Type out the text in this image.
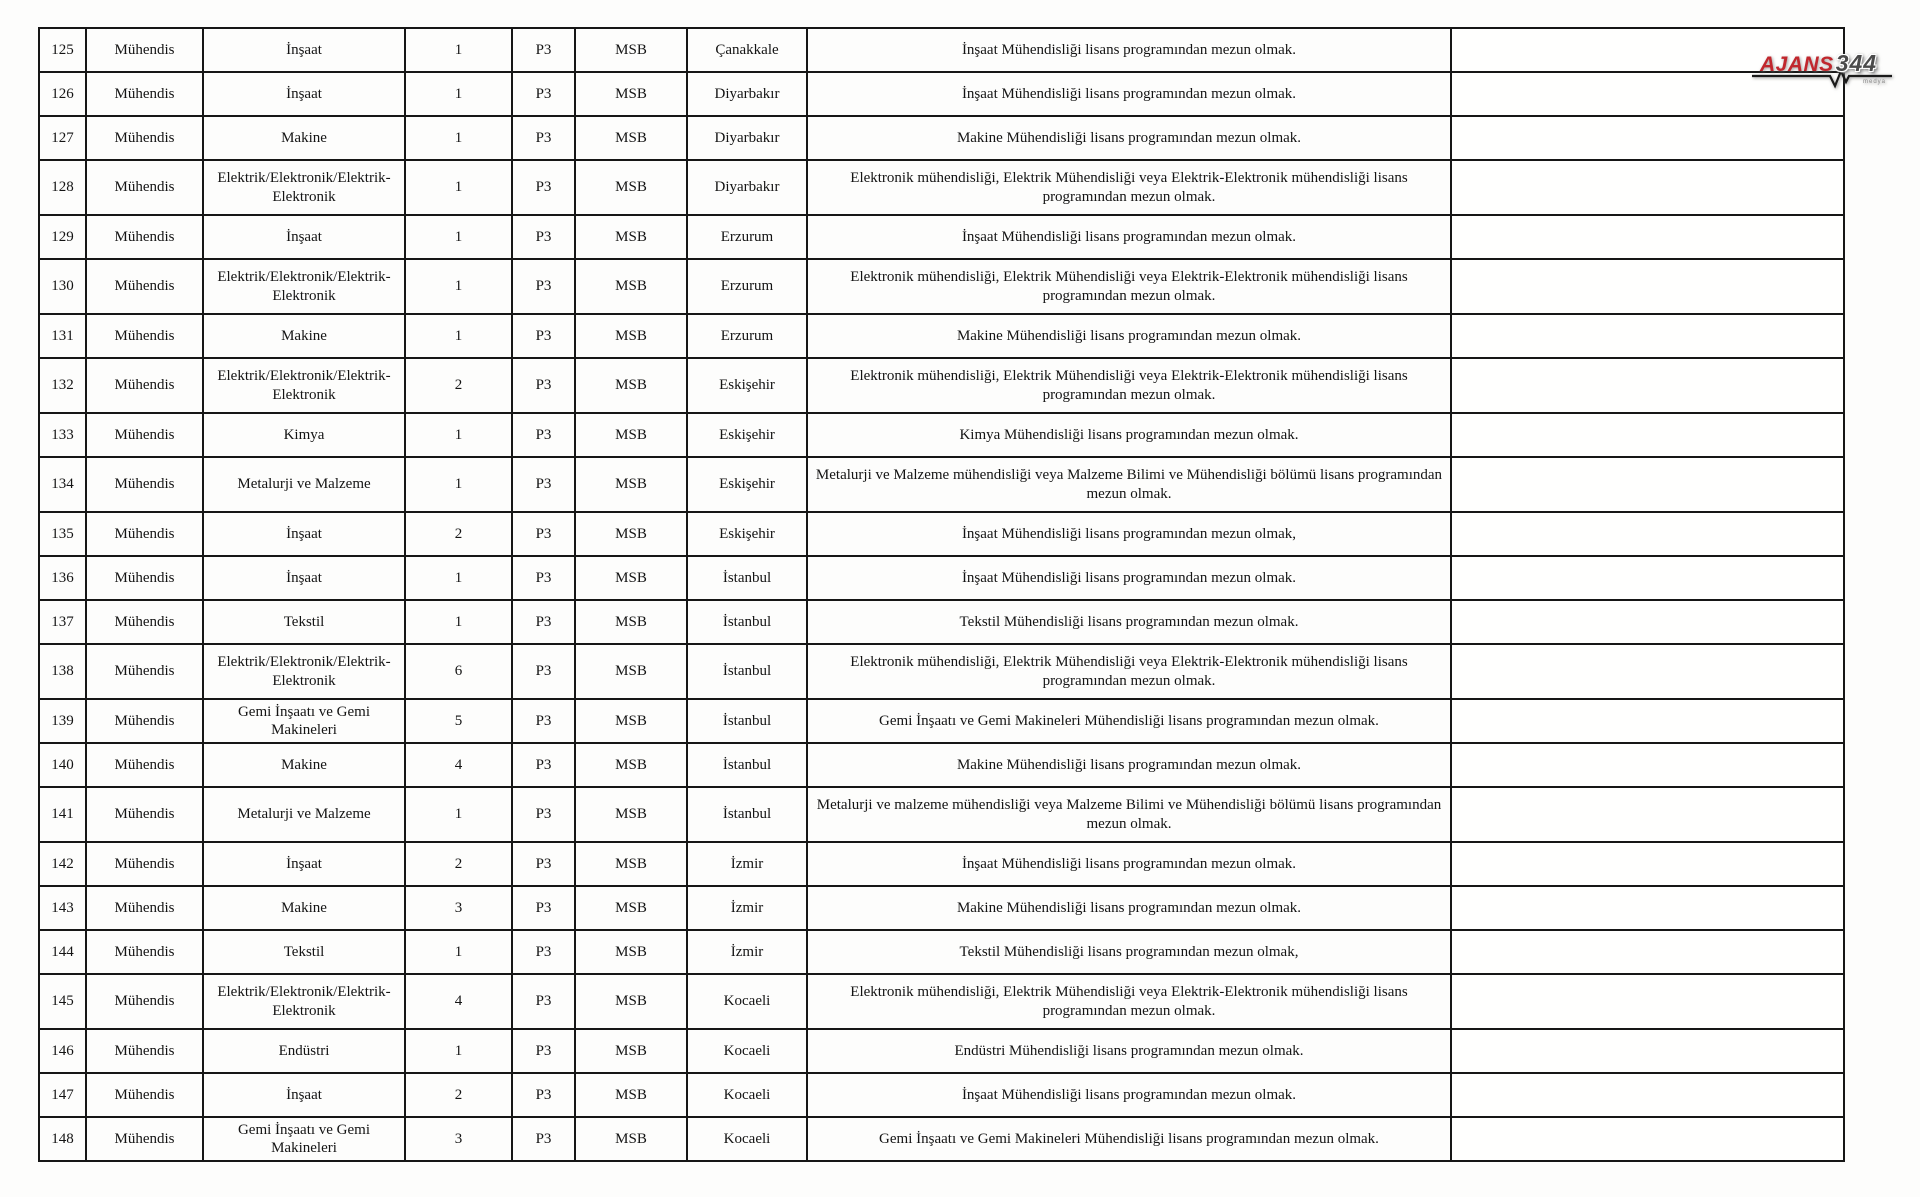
125	Mühendis	İnşaat	1	P3	MSB	Çanakkale	İnşaat Mühendisliği lisans programından mezun olmak.	
126	Mühendis	İnşaat	1	P3	MSB	Diyarbakır	İnşaat Mühendisliği lisans programından mezun olmak.	
127	Mühendis	Makine	1	P3	MSB	Diyarbakır	Makine Mühendisliği lisans programından mezun olmak.	
128	Mühendis	Elektrik/Elektronik/Elektrik-Elektronik	1	P3	MSB	Diyarbakır	Elektronik mühendisliği, Elektrik Mühendisliği veya Elektrik-Elektronik mühendisliği lisans programından mezun olmak.	
129	Mühendis	İnşaat	1	P3	MSB	Erzurum	İnşaat Mühendisliği lisans programından mezun olmak.	
130	Mühendis	Elektrik/Elektronik/Elektrik-Elektronik	1	P3	MSB	Erzurum	Elektronik mühendisliği, Elektrik Mühendisliği veya Elektrik-Elektronik mühendisliği lisans programından mezun olmak.	
131	Mühendis	Makine	1	P3	MSB	Erzurum	Makine Mühendisliği lisans programından mezun olmak.	
132	Mühendis	Elektrik/Elektronik/Elektrik-Elektronik	2	P3	MSB	Eskişehir	Elektronik mühendisliği, Elektrik Mühendisliği veya Elektrik-Elektronik mühendisliği lisans programından mezun olmak.	
133	Mühendis	Kimya	1	P3	MSB	Eskişehir	Kimya Mühendisliği lisans programından mezun olmak.	
134	Mühendis	Metalurji ve Malzeme	1	P3	MSB	Eskişehir	Metalurji ve Malzeme mühendisliği veya Malzeme Bilimi ve Mühendisliği bölümü lisans programından mezun olmak.	
135	Mühendis	İnşaat	2	P3	MSB	Eskişehir	İnşaat Mühendisliği lisans programından mezun olmak,	
136	Mühendis	İnşaat	1	P3	MSB	İstanbul	İnşaat Mühendisliği lisans programından mezun olmak.	
137	Mühendis	Tekstil	1	P3	MSB	İstanbul	Tekstil Mühendisliği lisans programından mezun olmak.	
138	Mühendis	Elektrik/Elektronik/Elektrik-Elektronik	6	P3	MSB	İstanbul	Elektronik mühendisliği, Elektrik Mühendisliği veya Elektrik-Elektronik mühendisliği lisans programından mezun olmak.	
139	Mühendis	Gemi İnşaatı ve Gemi Makineleri	5	P3	MSB	İstanbul	Gemi İnşaatı ve Gemi Makineleri Mühendisliği lisans programından mezun olmak.	
140	Mühendis	Makine	4	P3	MSB	İstanbul	Makine Mühendisliği lisans programından mezun olmak.	
141	Mühendis	Metalurji ve Malzeme	1	P3	MSB	İstanbul	Metalurji ve malzeme mühendisliği veya Malzeme Bilimi ve Mühendisliği bölümü lisans programından mezun olmak.	
142	Mühendis	İnşaat	2	P3	MSB	İzmir	İnşaat Mühendisliği lisans programından mezun olmak.	
143	Mühendis	Makine	3	P3	MSB	İzmir	Makine Mühendisliği lisans programından mezun olmak.	
144	Mühendis	Tekstil	1	P3	MSB	İzmir	Tekstil Mühendisliği lisans programından mezun olmak,	
145	Mühendis	Elektrik/Elektronik/Elektrik-Elektronik	4	P3	MSB	Kocaeli	Elektronik mühendisliği, Elektrik Mühendisliği veya Elektrik-Elektronik mühendisliği lisans programından mezun olmak.	
146	Mühendis	Endüstri	1	P3	MSB	Kocaeli	Endüstri Mühendisliği lisans programından mezun olmak.	
147	Mühendis	İnşaat	2	P3	MSB	Kocaeli	İnşaat Mühendisliği lisans programından mezun olmak.	
148	Mühendis	Gemi İnşaatı ve Gemi Makineleri	3	P3	MSB	Kocaeli	Gemi İnşaatı ve Gemi Makineleri Mühendisliği lisans programından mezun olmak.	
AJANS344
medya
